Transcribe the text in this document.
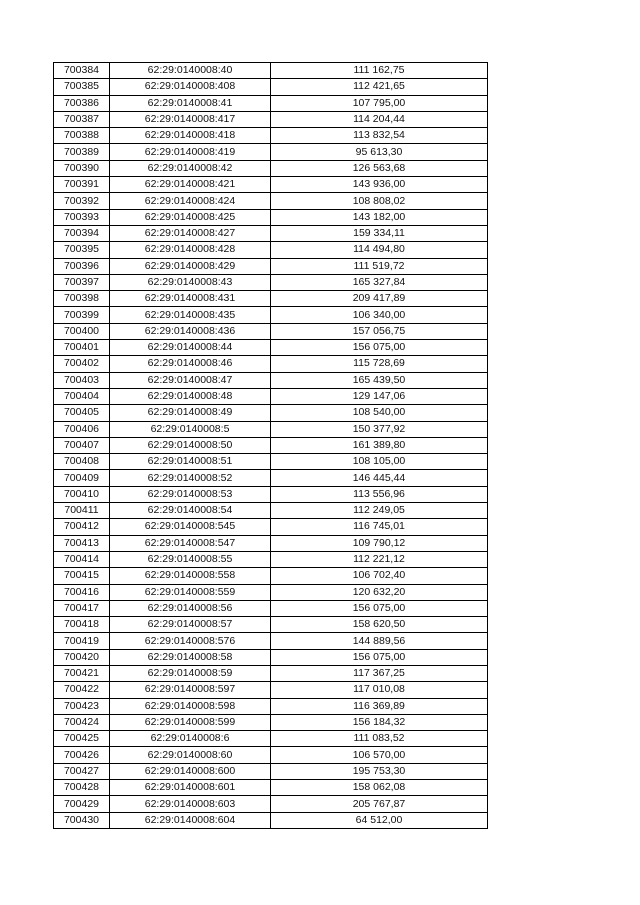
700384	62:29:0140008:40	111 162,75
700385	62:29:0140008:408	112 421,65
700386	62:29:0140008:41	107 795,00
700387	62:29:0140008:417	114 204,44
700388	62:29:0140008:418	113 832,54
700389	62:29:0140008:419	95 613,30
700390	62:29:0140008:42	126 563,68
700391	62:29:0140008:421	143 936,00
700392	62:29:0140008:424	108 808,02
700393	62:29:0140008:425	143 182,00
700394	62:29:0140008:427	159 334,11
700395	62:29:0140008:428	114 494,80
700396	62:29:0140008:429	111 519,72
700397	62:29:0140008:43	165 327,84
700398	62:29:0140008:431	209 417,89
700399	62:29:0140008:435	106 340,00
700400	62:29:0140008:436	157 056,75
700401	62:29:0140008:44	156 075,00
700402	62:29:0140008:46	115 728,69
700403	62:29:0140008:47	165 439,50
700404	62:29:0140008:48	129 147,06
700405	62:29:0140008:49	108 540,00
700406	62:29:0140008:5	150 377,92
700407	62:29:0140008:50	161 389,80
700408	62:29:0140008:51	108 105,00
700409	62:29:0140008:52	146 445,44
700410	62:29:0140008:53	113 556,96
700411	62:29:0140008:54	112 249,05
700412	62:29:0140008:545	116 745,01
700413	62:29:0140008:547	109 790,12
700414	62:29:0140008:55	112 221,12
700415	62:29:0140008:558	106 702,40
700416	62:29:0140008:559	120 632,20
700417	62:29:0140008:56	156 075,00
700418	62:29:0140008:57	158 620,50
700419	62:29:0140008:576	144 889,56
700420	62:29:0140008:58	156 075,00
700421	62:29:0140008:59	117 367,25
700422	62:29:0140008:597	117 010,08
700423	62:29:0140008:598	116 369,89
700424	62:29:0140008:599	156 184,32
700425	62:29:0140008:6	111 083,52
700426	62:29:0140008:60	106 570,00
700427	62:29:0140008:600	195 753,30
700428	62:29:0140008:601	158 062,08
700429	62:29:0140008:603	205 767,87
700430	62:29:0140008:604	64 512,00
